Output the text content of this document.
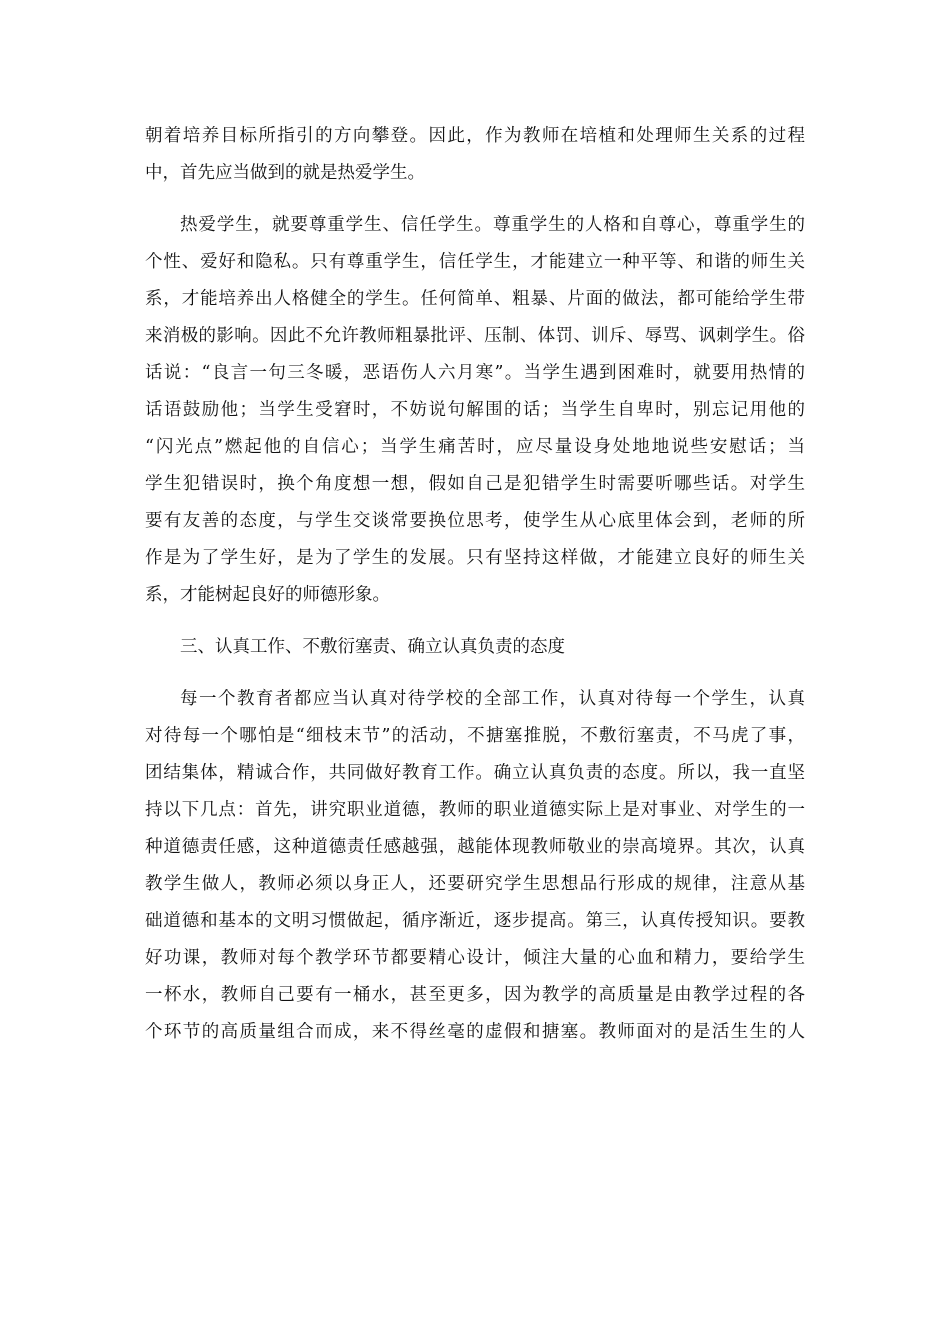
朝着培养目标所指引的方向攀登。因此，作为教师在培植和处理师生关系的过程
中，首先应当做到的就是热爱学生。
热爱学生，就要尊重学生、信任学生。尊重学生的人格和自尊心，尊重学生的
个性、爱好和隐私。只有尊重学生，信任学生，才能建立一种平等、和谐的师生关
系，才能培养出人格健全的学生。任何简单、粗暴、片面的做法，都可能给学生带
来消极的影响。因此不允许教师粗暴批评、压制、体罚、训斥、辱骂、讽刺学生。俗
话说：“良言一句三冬暖，恶语伤人六月寒”。当学生遇到困难时，就要用热情的
话语鼓励他；当学生受窘时，不妨说句解围的话；当学生自卑时，别忘记用他的
“闪光点”燃起他的自信心；当学生痛苦时，应尽量设身处地地说些安慰话；当
学生犯错误时，换个角度想一想，假如自己是犯错学生时需要听哪些话。对学生
要有友善的态度，与学生交谈常要换位思考，使学生从心底里体会到，老师的所
作是为了学生好，是为了学生的发展。只有坚持这样做，才能建立良好的师生关
系，才能树起良好的师德形象。
三、认真工作、不敷衍塞责、确立认真负责的态度
每一个教育者都应当认真对待学校的全部工作，认真对待每一个学生，认真
对待每一个哪怕是“细枝末节”的活动，不搪塞推脱，不敷衍塞责，不马虎了事，
团结集体，精诚合作，共同做好教育工作。确立认真负责的态度。所以，我一直坚
持以下几点：首先，讲究职业道德，教师的职业道德实际上是对事业、对学生的一
种道德责任感，这种道德责任感越强，越能体现教师敬业的崇高境界。其次，认真
教学生做人，教师必须以身正人，还要研究学生思想品行形成的规律，注意从基
础道德和基本的文明习惯做起，循序渐近，逐步提高。第三，认真传授知识。要教
好功课，教师对每个教学环节都要精心设计，倾注大量的心血和精力，要给学生
一杯水，教师自己要有一桶水，甚至更多，因为教学的高质量是由教学过程的各
个环节的高质量组合而成，来不得丝毫的虚假和搪塞。教师面对的是活生生的人
